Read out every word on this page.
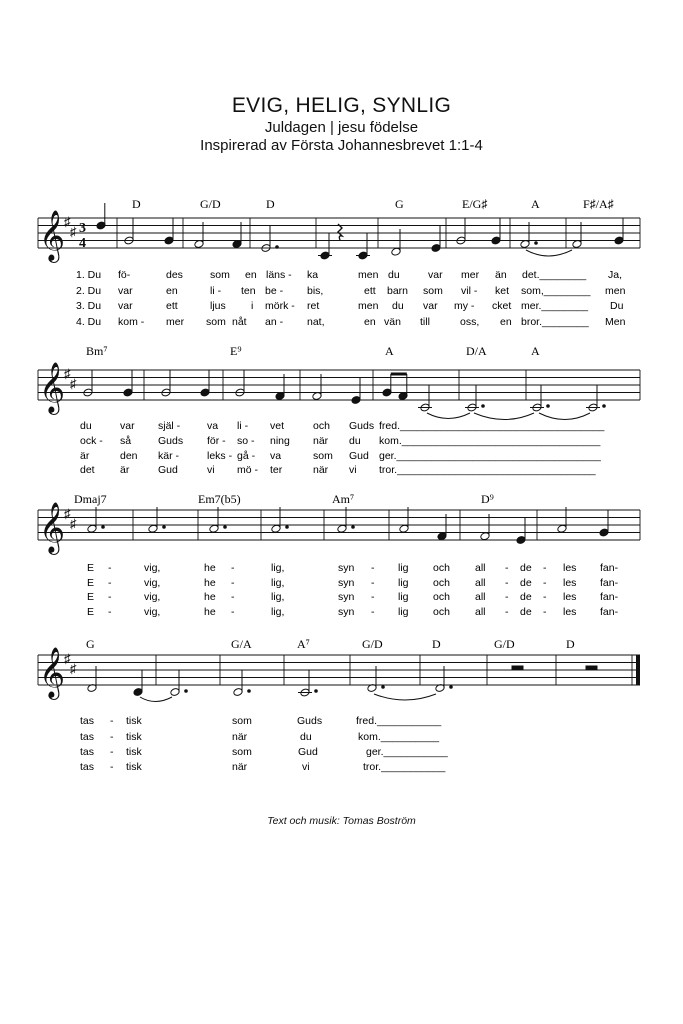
EVIG, HELIG, SYNLIG
Juldagen | jesu födelse
Inspirerad av Första Johannesbrevet 1:1-4
D	G/D	D	G	E/G♯	A	F♯/A♯
Bm⁷	E⁹	A	D/A	A
Dmaj7	Em7(b5)	Am⁷	D⁹
G	G/A	A⁷	G/D	D	G/D	D
1. Du fö-	des	som en läns - ka	men du	var mer än det.________ Ja,
2. Du var	en	li - ten be - bis,	ett barn som vil - ket som,________ men
3. Du var	ett	ljus i mörk - ret	men du var my - cket mer.________ Du
4. Du kom - mer som nåt an - nat,	en vän till	oss, en bror.________ Men
du	var själ -	va li - vet	och Guds fred.___________________________________
ock - så	Guds för - so - ning när du kom.__________________________________
är	den kär -	leks - gå - va	som Gud ger.___________________________________
det är	Gud	vi mö - ter	när vi tror.__________________________________
E -	vig,	he -	lig,	syn - lig och all - de - les fan-
E -	vig,	he -	lig,	syn - lig och all - de - les fan-
E -	vig,	he -	lig,	syn - lig och all - de - les fan-
E -	vig,	he -	lig,	syn - lig och all - de - les fan-
tas - tisk	som	Guds	fred.___________
tas - tisk	när	du	kom.__________
tas - tisk	som	Gud	ger.___________
tas - tisk	när	vi	tror.___________
𝄞
♯
♯ 3
4
𝄞
♯
♯
𝄞
♯
♯
𝄞
♯
♯
Text och musik: Tomas Boström
